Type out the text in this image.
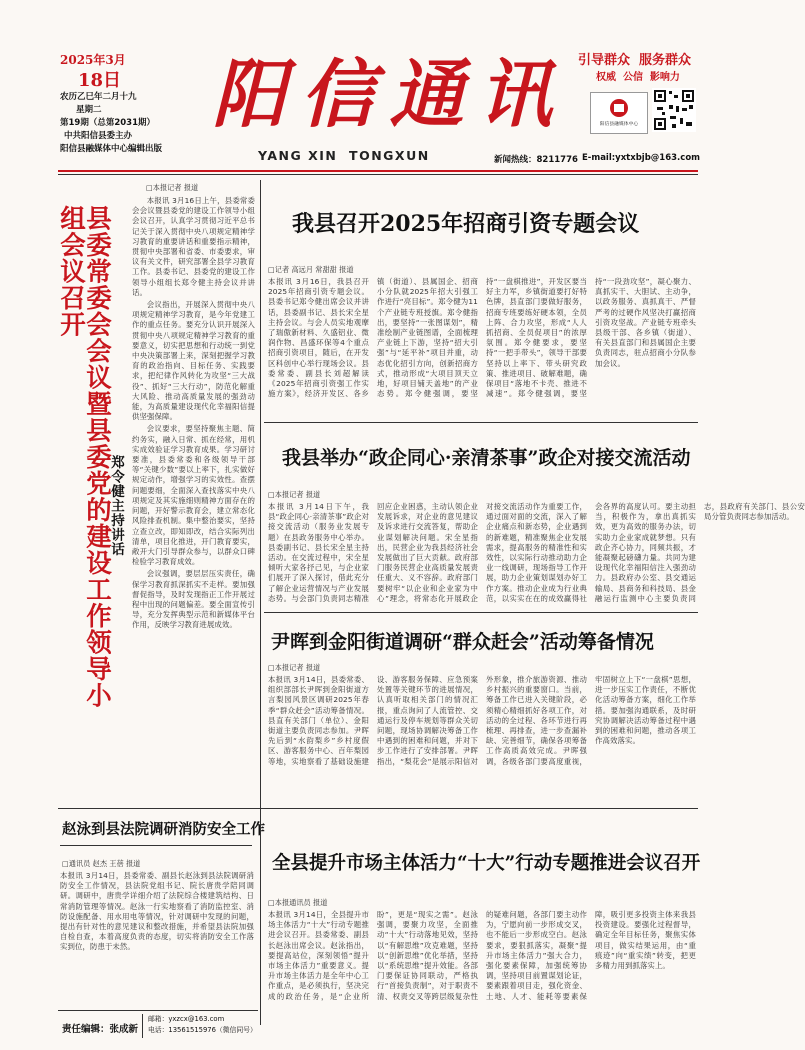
2025年3月
18日
农历乙巳年二月十九
星期二
第19期（总第2031期）
中共阳信县委主办
阳信县融媒体中心编辑出版
阳 信 通 讯
YANG XIN  TONGXUN
引导群众  服务群众
权威  公信  影响力
阳信县融媒体中心
新闻热线：8211776 E-mail:yxtxbjb@163.com
县委常委会会议暨县委党的建设工作领导小组会议召开
郑令健主持讲话
□本报记者 报道

本报讯 3月16日上午，县委常委会会议暨县委党的建设工作领导小组会议召开，认真学习贯彻习近平总书记关于深入贯彻中央八项规定精神学习教育的重要讲话和重要指示精神，贯彻中央部署和省委、市委要求，审议有关文件，研究部署全县学习教育工作。县委书记、县委党的建设工作领导小组组长郑令健主持会议并讲话。

会议指出，开展深入贯彻中央八项规定精神学习教育，是今年党建工作的重点任务。要充分认识开展深入贯彻中央八项规定精神学习教育的重要意义，切实把思想和行动统一到党中央决策部署上来，深刻把握学习教育的政治指向、目标任务、实践要求，把纪律作风转化为攻坚“三大战役”、抓好“三大行动”，防范化解重大风险、推动高质量发展的强劲动能，为高质量建设现代化幸福阳信提供坚强保障。

会议要求，要坚持聚焦主题、简约务实，融入日常、抓在经常，用机实成效验证学习教育成果。学习研讨要准，县委常委和各级领导干部等“关键少数”要以上率下，扎实做好规定动作，增强学习的实效性。查摆问题要细，全面深入查找落实中央八项规定及其实施细则精神方面存在的问题，开好警示教育会，建立常态化风险排查机制。集中整治要实，坚持立查立改，即知即改，结合实际列出清单，项目化推进，开门教育要实，敞开大门引导群众参与，以群众口碑检验学习教育成效。

会议强调，要层层压实责任，确保学习教育抓深抓实不走样。要加强督促指导，及时发现指正工作开展过程中出现的问题偏差。要全面宣传引导，充分发挥典型示范和新媒体平台作用，反映学习教育进展成效。

我县召开2025年招商引资专题会议
□记者 高远月 常甜甜 报道
本报讯 3月16日，我县召开2025年招商引资专题会议。县委书记郑令健出席会议并讲话，县委副书记、县长宋全星主持会议。与会人员实地观摩了瑞傲新材料、久盛铝业、微润作物、昌盛环保等4个重点招商引资项目，随后，在开发区科创中心举行现场会议。县委常委、副县长刘超解读《2025年招商引资强工作实施方案》，经济开发区、各乡镇（街道）、县属国企、招商小分队就2025年招大引强工作进行“亮目标”。郑令健为11个产业链专班授旗。郑令健指出，要坚持“一张图谋划”，精准绘制产业链图谱，全面梳理产业链上下游，坚持“招大引强”与“延平补”项目并重，动态优化招引方向，创新招商方式，推动形成“大项目顶天立地，好项目铺天盖地”的产业态势。郑令健强调，要坚持“一盘棋推进”，开发区要当好主力军，乡镇街道要打好特色牌，县直部门要做好服务，招商专班要练好硬本领，全员上阵、合力攻坚，形成“人人抓招商、全员促项目”的浓厚氛围。郑令健要求，要坚持“一把手带头”，领导干部要坚持以上率下、带头研究政策、推进项目、破解难题，确保项目“落地不卡壳、推进不减速”。郑令健强调，要坚持“一段劲攻坚”，凝心聚力、真抓实干、大胆试、主动争，以政务服务、真抓真干、严督严考的过硬作风坚决打赢招商引资攻坚战。产业链专班牵头县级干部、各乡镇（街道）、有关县直部门和县属国企主要负责同志，驻点招商小分队参加会议。
我县举办“政企同心·亲清茶事”政企对接交流活动
□本报记者 报道
本报讯 3月14日下午，我县“政企同心·亲清茶事”政企对接交流活动（服务业发展专题）在县政务服务中心举办。县委副书记、县长宋全星主持活动。在交流过程中，宋全星倾听大家各抒己见，与企业家们展开了深入探讨，借此充分了解企业运营情况与产业发展态势。与会部门负责同志精准回应企业困惑，主动认领企业发展诉求，对企业的意见建议及诉求进行交流答复，帮助企业谋划解决问题。宋全星指出，民营企业为我县经济社会发展做出了巨大贡献。政府部门服务民营企业高质量发展责任重大、义不容辞。政府部门要树牢“以企业和企业家为中心”理念，将常态化开展政企对接交流活动作为重要工作，通过面对面的交流，深入了解企业痛点和新态势，企业遇到的新难题，精准聚焦企业发展需求，提高服务的精准性和实效性，以实际行动推动助力企业一线调研，现场指导工作开展，助力企业策划谋划办好工作方案。推动企业成为行业典范，以实实在在的成效赢得社会各界的高度认可。要主动担当，积极作为，拿出真抓实效，更为高效的服务办法，切实助力企业家成就梦想。只有政企齐心协力，同频共振，才能凝聚起磅礴力量。共同为建设现代化幸福阳信注入强劲动力。县政府办公室、县交通运输局、县商务和科技局、县金融运行监测中心主要负责同志，县政府有关部门、县公安局分管负责同志参加活动。
尹晖到金阳街道调研“群众赶会”活动筹备情况
□本报记者 报道
本报讯 3月14日，县委常委、组织部部长尹晖到金阳街道方言梨园风景区调研2025年春季“群众赶会”活动筹备情况。县直有关部门（单位）、金阳街道主要负责同志参加。尹晖先后到“水韵梨乡”乡村度假区、游客服务中心、百年梨园等地，实地察看了基础设施建设、游客服务保障、应急预案处置等关键环节的进展情况，认真听取相关部门的情况汇报，重点询问了人流管控、交通运行及停车规划等群众关切问题，现场协调解决筹备工作中遇到的困难和问题，并对下步工作进行了安排部署。尹晖指出，“梨花会”是展示阳信对外形象，推介旅游资源、推动乡村振兴的重要窗口。当前，筹备工作已进入关键阶段，必须精心精细抓好各项工作，对活动的全过程、各环节进行再梳理、再排查，进一步查漏补缺、完善细节，确保各项筹备工作高质高效完成。尹晖强调，各级各部门要高度重视，牢固树立上下“一盘棋”思想，进一步压实工作责任，不断优化活动筹备方案，细化工作举措。要加强沟通联系，及时研究协调解决活动筹备过程中遇到的困难和问题，推动各项工作高效落实。
赵泳到县法院调研消防安全工作
□通讯员 赵杰 王蓓 报道
本报讯 3月14日，县委常委、副县长赵泳到县法院调研消防安全工作情况，县法院党组书记、院长唐贵学陪同调研。调研中，唐贵学详细介绍了法院综合楼建筑结构、日常消防管理等情况。赵泳一行实地察看了消防监控室、消防设施配备、用水用电等情况，针对调研中发现的问题，提出有针对性的意见建议和整改措施，并希望县法院加强自检自查，本着高度负责的态度，切实将消防安全工作落实到位，防患于未然。
全县提升市场主体活力“十大”行动专题推进会议召开
□本报通讯员 报道
本报讯 3月14日，全县提升市场主体活力“十大”行动专题推进会议召开。县委常委、副县长赵泳出席会议。赵泳指出，要提高站位，深刻领悟“提升市场主体活力”重要意义。提升市场主体活力是全年中心工作重点，是必须执行，坚决完成的政治任务，是“企业所盼”，更是“现实之需”。赵泳强调，要聚力攻坚，全面推动“十大”行动落地见效，坚持以“有解思维”攻克难题，坚持以“创新思维”优化举措，坚持以“系统思维”提升效能。各部门要保证协同联动，严格执行“首接负责制”，对于职责不清、权责交叉等跨层级复杂性的疑难问题，各部门要主动作为，宁愿向前一步形成交叉，也不能后一步形成空白。赵泳要求，要狠抓落实，凝聚“提升市场主体活力”强大合力，强化要素保障，加强统筹协调，坚持项目前置谋划论证，要素跟着项目走，强化资金、土地、人才、能耗等要素保障，吸引更多投资主体来我县投资建设。要强化过程督导，确定全年目标任务，聚焦实体项目，做实结果运用，由“重痕迹”向“重实绩”转变，把更多精力用到抓落实上。
责任编辑：张成新
邮箱：yxzcx@163.com
电话：13561515976（微信同号）
